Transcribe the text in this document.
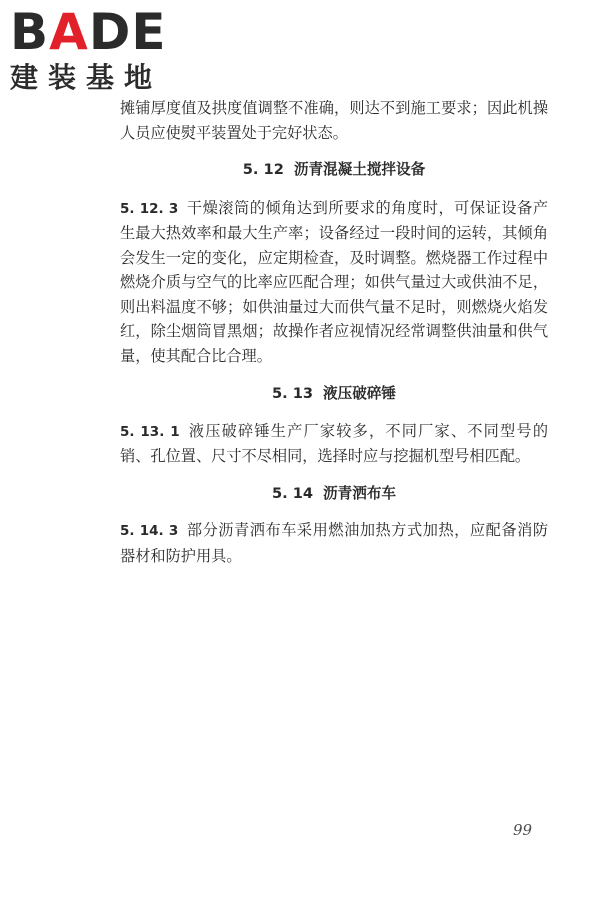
BADE
建装基地

摊铺厚度值及拱度值调整不准确，则达不到施工要求；因此机操人员应使熨平装置处于完好状态。

5. 12 沥青混凝土搅拌设备

5. 12. 3 干燥滚筒的倾角达到所要求的角度时，可保证设备产生最大热效率和最大生产率；设备经过一段时间的运转，其倾角会发生一定的变化，应定期检查，及时调整。燃烧器工作过程中燃烧介质与空气的比率应匹配合理；如供气量过大或供油不足，则出料温度不够；如供油量过大而供气量不足时，则燃烧火焰发红，除尘烟筒冒黑烟；故操作者应视情况经常调整供油量和供气量，使其配合比合理。

5. 13 液压破碎锤

5. 13. 1 液压破碎锤生产厂家较多，不同厂家、不同型号的销、孔位置、尺寸不尽相同，选择时应与挖掘机型号相匹配。

5. 14 沥青洒布车

5. 14. 3 部分沥青洒布车采用燃油加热方式加热，应配备消防器材和防护用具。

99
